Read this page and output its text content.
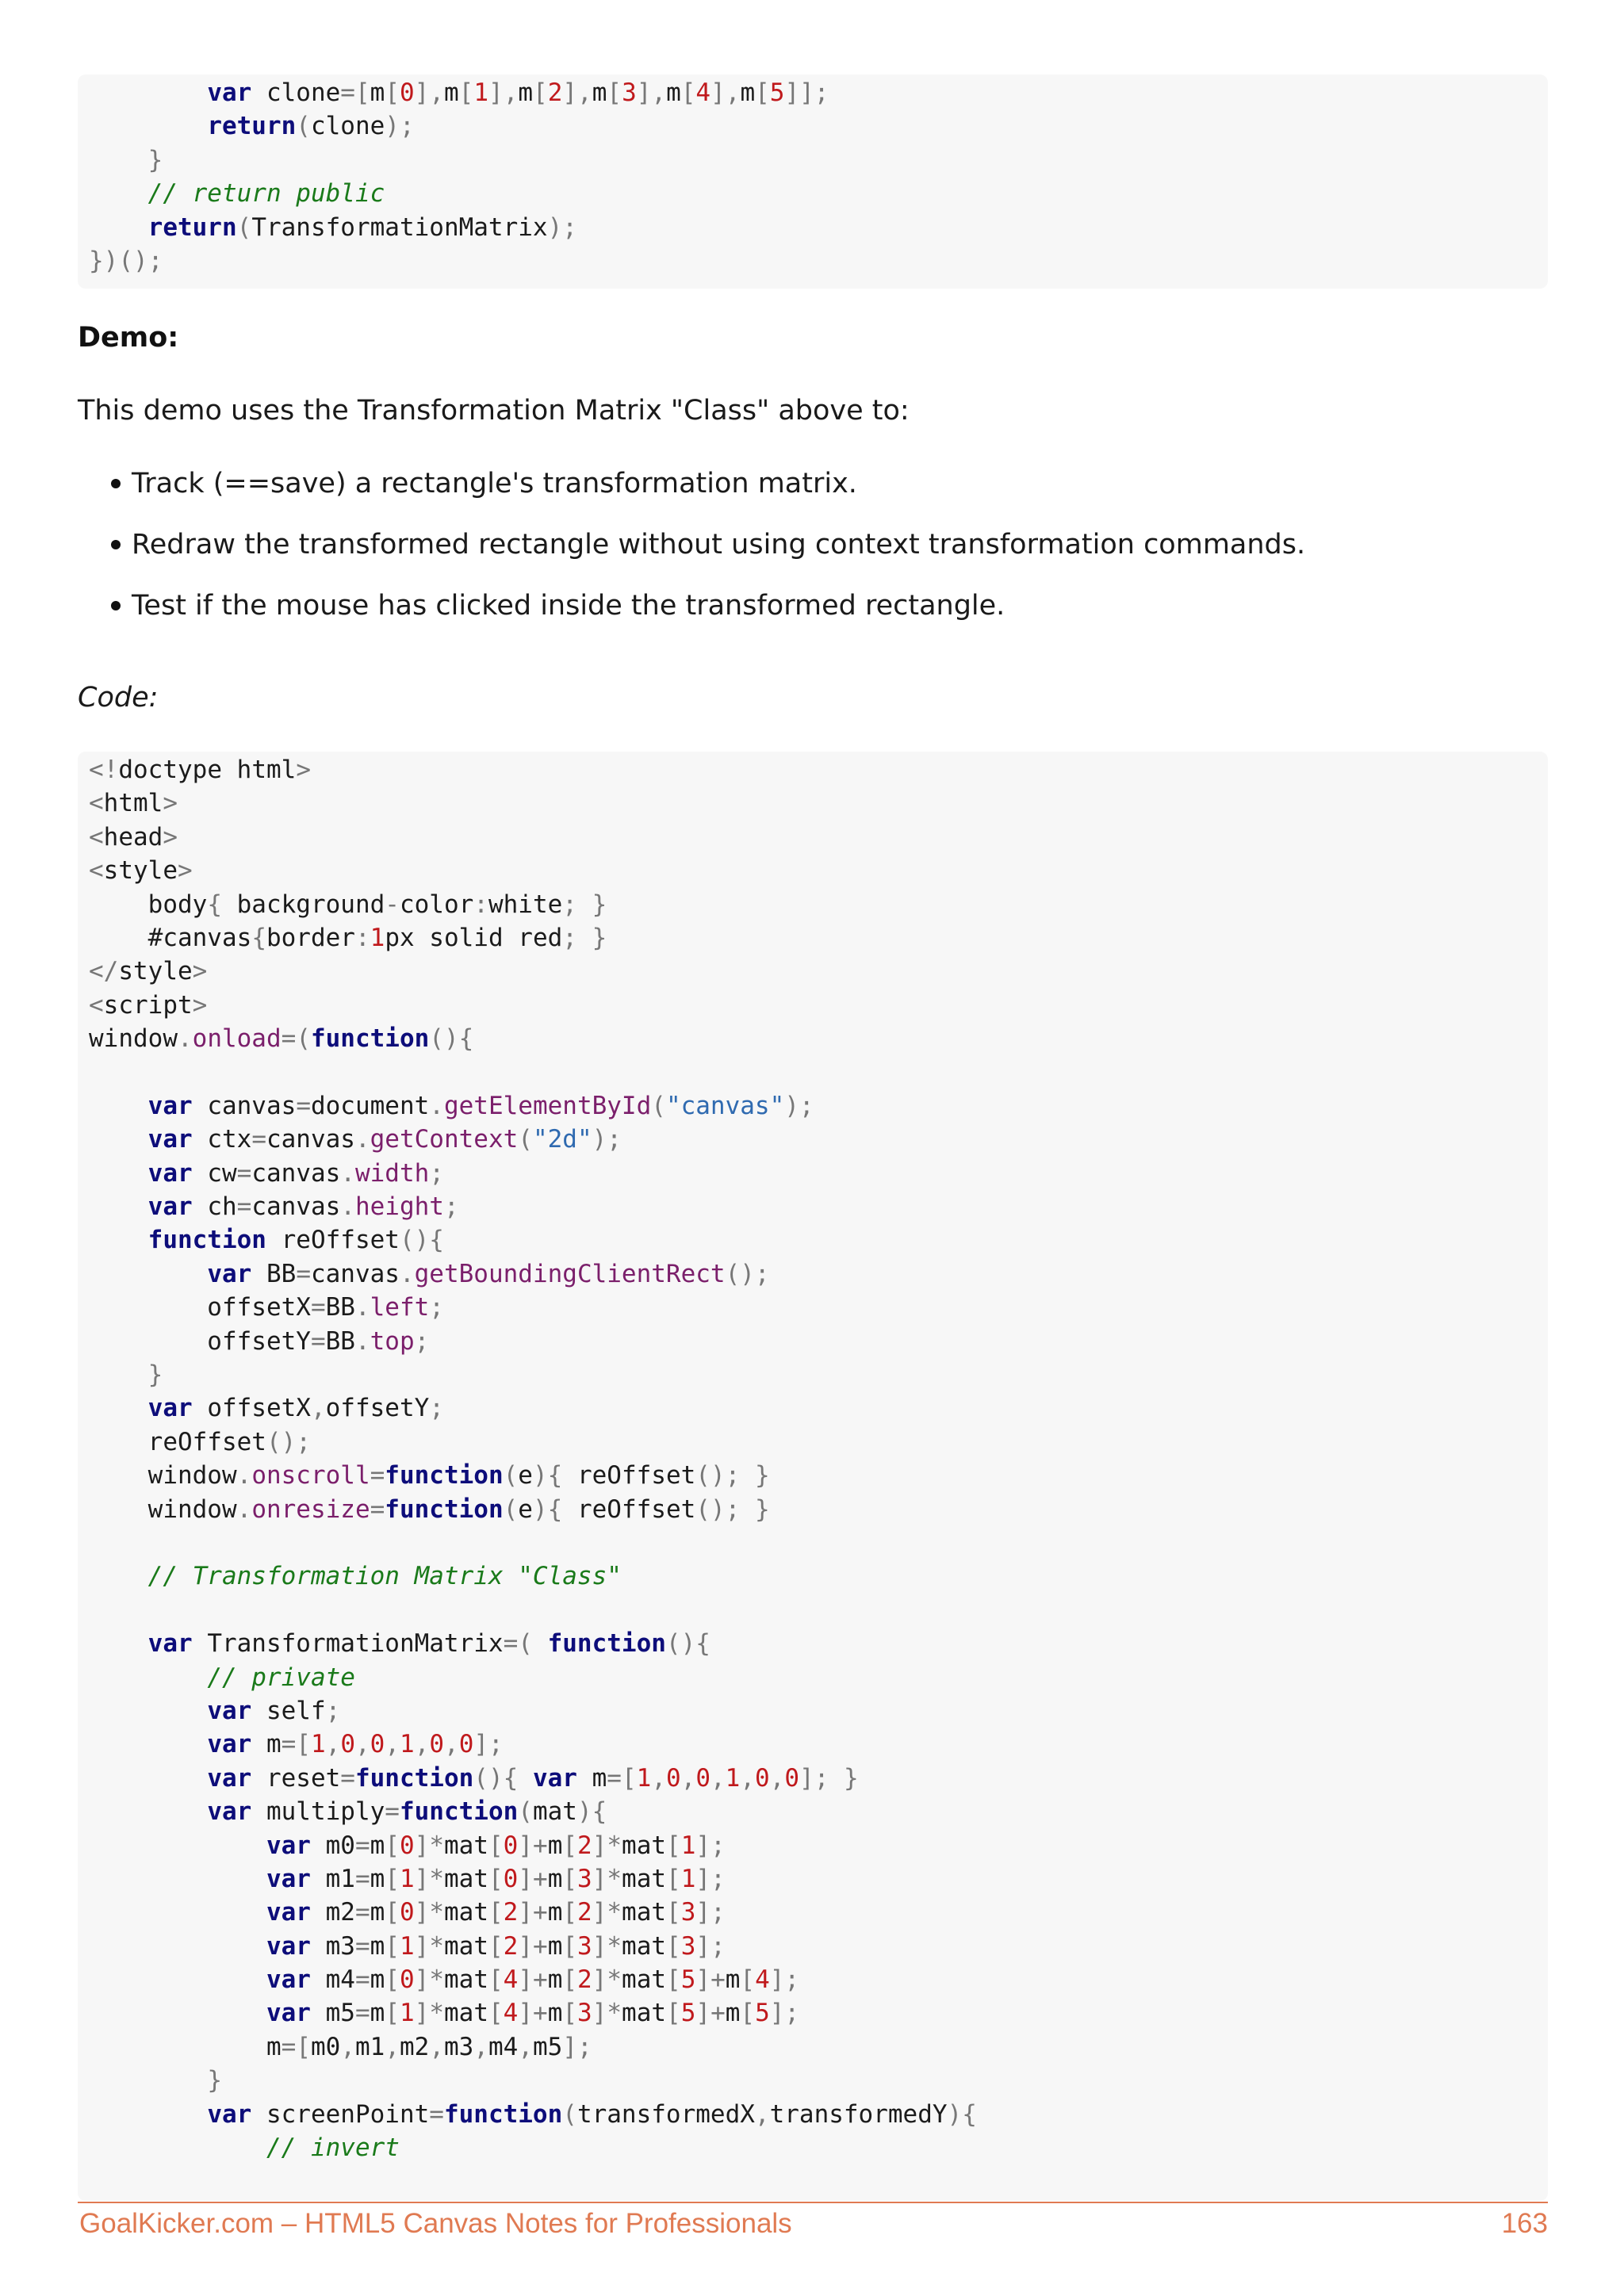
var clone=[m[0],m[1],m[2],m[3],m[4],m[5]];
return(clone);
}
// return public
return(TransformationMatrix);
})();
Demo:
This demo uses the Transformation Matrix "Class" above to:
Track (==save) a rectangle's transformation matrix.
Redraw the transformed rectangle without using context transformation commands.
Test if the mouse has clicked inside the transformed rectangle.
Code:
<!doctype html>
<html>
<head>
<style>
body{ background-color:white; }
#canvas{border:1px solid red; }
</style>
<script>
window.onload=(function(){

var canvas=document.getElementById("canvas");
var ctx=canvas.getContext("2d");
var cw=canvas.width;
var ch=canvas.height;
function reOffset(){
var BB=canvas.getBoundingClientRect();
offsetX=BB.left;
offsetY=BB.top;
}
var offsetX,offsetY;
reOffset();
window.onscroll=function(e){ reOffset(); }
window.onresize=function(e){ reOffset(); }

// Transformation Matrix "Class"

var TransformationMatrix=( function(){
// private
var self;
var m=[1,0,0,1,0,0];
var reset=function(){ var m=[1,0,0,1,0,0]; }
var multiply=function(mat){
var m0=m[0]*mat[0]+m[2]*mat[1];
var m1=m[1]*mat[0]+m[3]*mat[1];
var m2=m[0]*mat[2]+m[2]*mat[3];
var m3=m[1]*mat[2]+m[3]*mat[3];
var m4=m[0]*mat[4]+m[2]*mat[5]+m[4];
var m5=m[1]*mat[4]+m[3]*mat[5]+m[5];
m=[m0,m1,m2,m3,m4,m5];
}
var screenPoint=function(transformedX,transformedY){
// invert
GoalKicker.com – HTML5 Canvas Notes for Professionals	163
